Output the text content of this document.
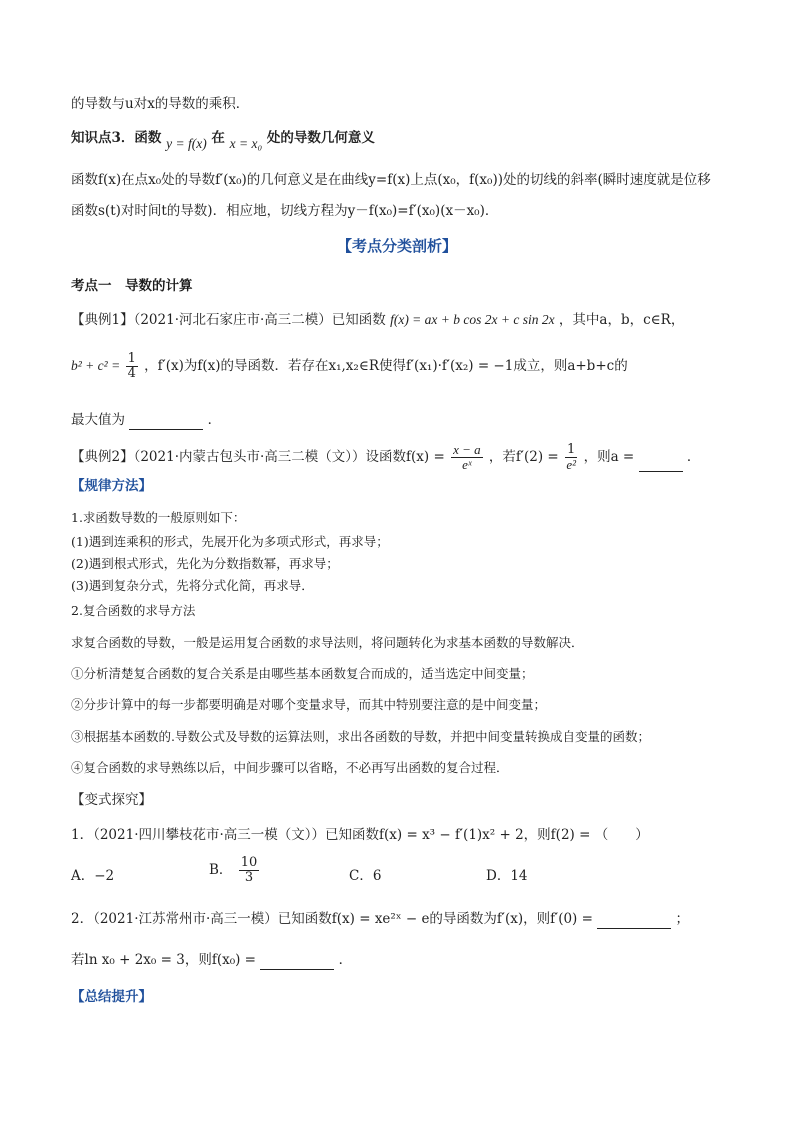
的导数与u对x的导数的乘积．
知识点3．函数 y = f(x) 在 x = x₀ 处的导数几何意义
函数f(x)在点x₀处的导数f′(x₀)的几何意义是在曲线y=f(x)上点(x₀，f(x₀))处的切线的斜率(瞬时速度就是位移
函数s(t)对时间t的导数)．相应地，切线方程为y－f(x₀)=f′(x₀)(x－x₀)．
【考点分类剖析】
考点一　导数的计算
【典例1】（2021·河北石家庄市·高三二模）已知函数 f(x) = ax + b cos 2x + c sin 2x ，其中a，b，c∈R，
$b^2 + c^2 = \frac{1}{4}$ ，f′(x)为f(x)的导函数．若存在x₁,x₂∈R使得f′(x₁)·f′(x₂) = −1成立，则a+b+c的
最大值为	．
【典例2】（2021·内蒙古包头市·高三二模（文））设函数$f(x) = \frac{x - a}{\text{eˣ}}$ ，若$f'(2) = \frac{1}{\text{e²}}$ ，则a =	．
【规律方法】
1.求函数导数的一般原则如下：
(1)遇到连乘积的形式，先展开化为多项式形式，再求导；
(2)遇到根式形式，先化为分数指数幂，再求导；
(3)遇到复杂分式，先将分式化简，再求导．
2.复合函数的求导方法
求复合函数的导数，一般是运用复合函数的求导法则，将问题转化为求基本函数的导数解决．
①分析清楚复合函数的复合关系是由哪些基本函数复合而成的，适当选定中间变量；
②分步计算中的每一步都要明确是对哪个变量求导，而其中特别要注意的是中间变量；
③根据基本函数的.导数公式及导数的运算法则，求出各函数的导数，并把中间变量转换成自变量的函数；
④复合函数的求导熟练以后，中间步骤可以省略，不必再写出函数的复合过程．
【变式探究】
1．（2021·四川攀枝花市·高三一模（文））已知函数f(x) = x³ − f′(1)x² + 2，则f(2) = （　　）
A．−2	B． $\frac{10}{3}$	C．6	D．14
2．（2021·江苏常州市·高三一模）已知函数f(x) = xe²ˣ − e的导函数为f′(x)，则f′(0) =	；
若ln x₀ + 2x₀ = 3，则f(x₀) =	．
【总结提升】
